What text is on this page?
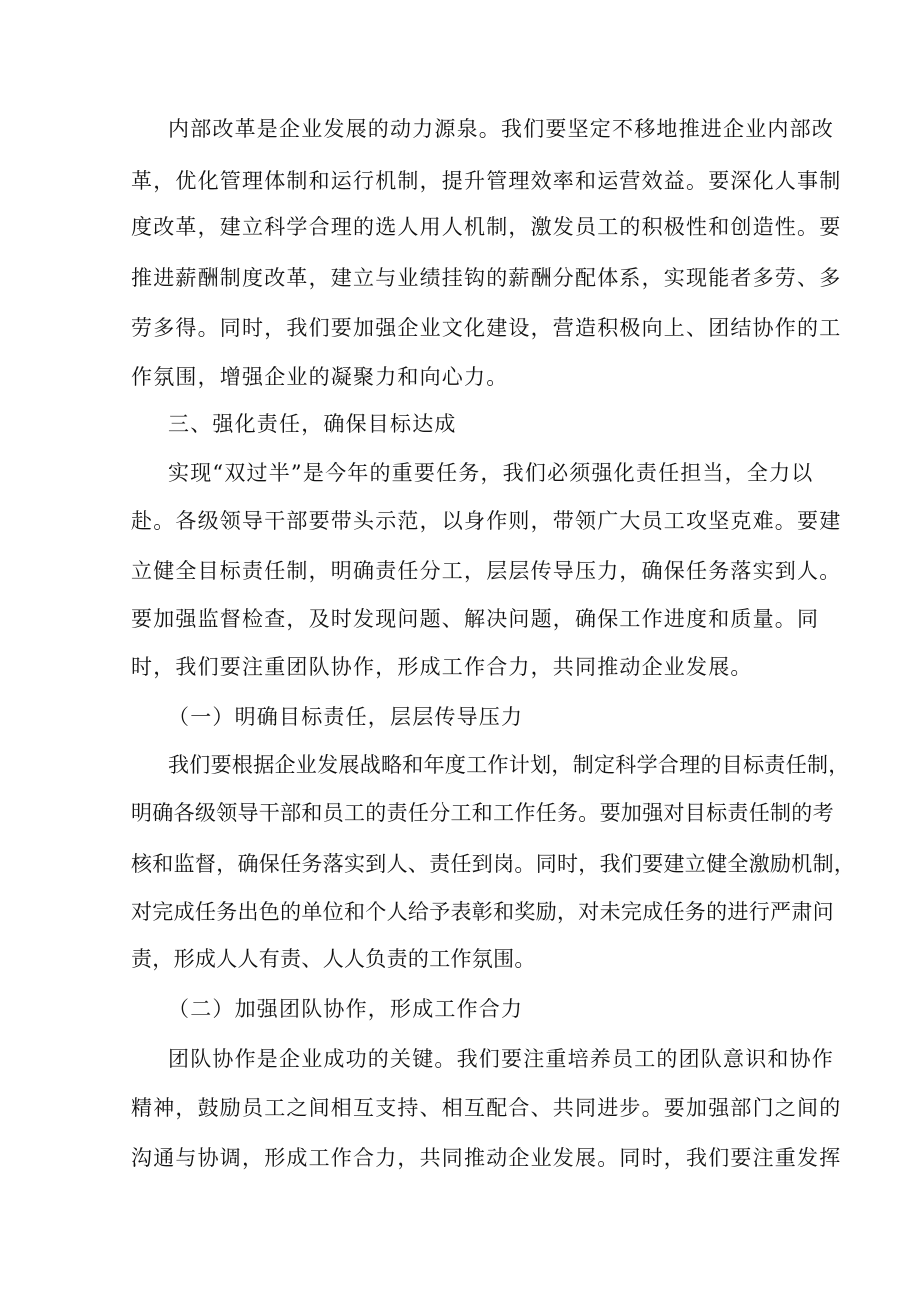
内部改革是企业发展的动力源泉。我们要坚定不移地推进企业内部改
革，优化管理体制和运行机制，提升管理效率和运营效益。要深化人事制
度改革，建立科学合理的选人用人机制，激发员工的积极性和创造性。要
推进薪酬制度改革，建立与业绩挂钩的薪酬分配体系，实现能者多劳、多
劳多得。同时，我们要加强企业文化建设，营造积极向上、团结协作的工
作氛围，增强企业的凝聚力和向心力。
三、强化责任，确保目标达成
实现“双过半”是今年的重要任务，我们必须强化责任担当，全力以
赴。各级领导干部要带头示范，以身作则，带领广大员工攻坚克难。要建
立健全目标责任制，明确责任分工，层层传导压力，确保任务落实到人。
要加强监督检查，及时发现问题、解决问题，确保工作进度和质量。同
时，我们要注重团队协作，形成工作合力，共同推动企业发展。
（一）明确目标责任，层层传导压力
我们要根据企业发展战略和年度工作计划，制定科学合理的目标责任制，
明确各级领导干部和员工的责任分工和工作任务。要加强对目标责任制的考
核和监督，确保任务落实到人、责任到岗。同时，我们要建立健全激励机制，
对完成任务出色的单位和个人给予表彰和奖励，对未完成任务的进行严肃问
责，形成人人有责、人人负责的工作氛围。
（二）加强团队协作，形成工作合力
团队协作是企业成功的关键。我们要注重培养员工的团队意识和协作
精神，鼓励员工之间相互支持、相互配合、共同进步。要加强部门之间的
沟通与协调，形成工作合力，共同推动企业发展。同时，我们要注重发挥
